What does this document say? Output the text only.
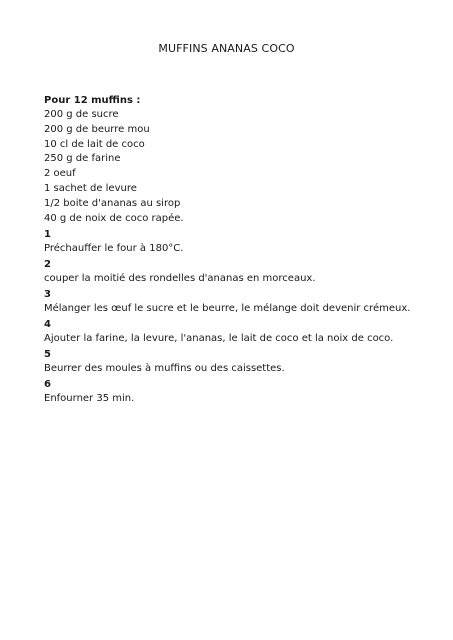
MUFFINS ANANAS COCO

Pour 12 muffins :

200 g de sucre
200 g de beurre mou
10 cl de lait de coco
250 g de farine
2 oeuf
1 sachet de levure
1/2 boite d'ananas au sirop
40 g de noix de coco rapée.
1
Préchauffer le four à 180°C.
2
couper la moitié des rondelles d'ananas en morceaux.
3
Mélanger les œuf le sucre et le beurre, le mélange doit devenir crémeux.
4
Ajouter la farine, la levure, l'ananas, le lait de coco et la noix de coco.
5
Beurrer des moules à muffins ou des caissettes.
6
Enfourner 35 min.
